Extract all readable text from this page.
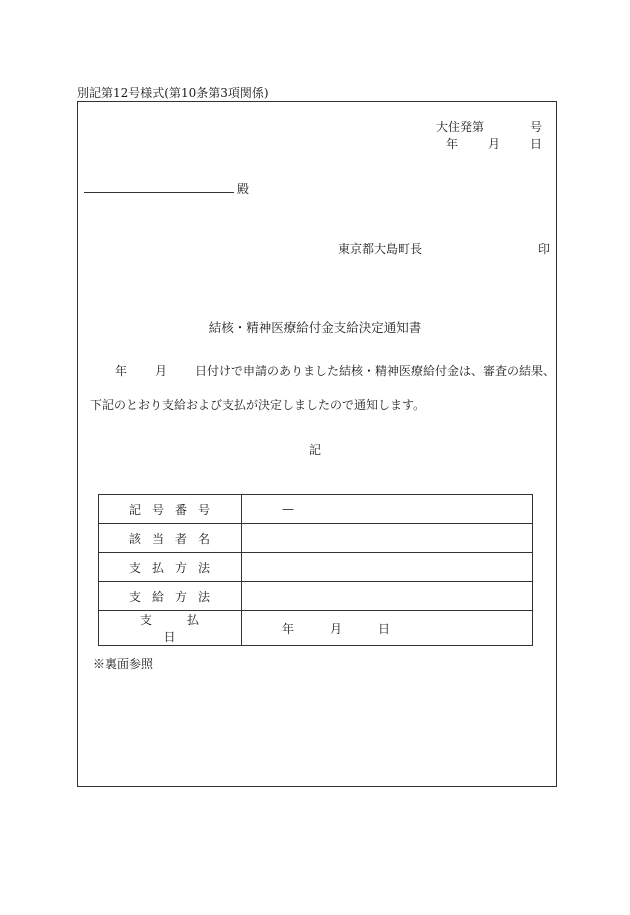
別記第12号様式(第10条第3項関係)
大住発第	号
年	月	日
殿
東京都大島町長	印
結核・精神医療給付金支給決定通知書
年 月 日付けで申請のありました結核・精神医療給付金は、審査の結果、
下記のとおり支給および支払が決定しましたので通知します。
記
記号番号	—
該当者名	
支払方法	
支給方法	
支払日	年 月 日
※裏面参照
